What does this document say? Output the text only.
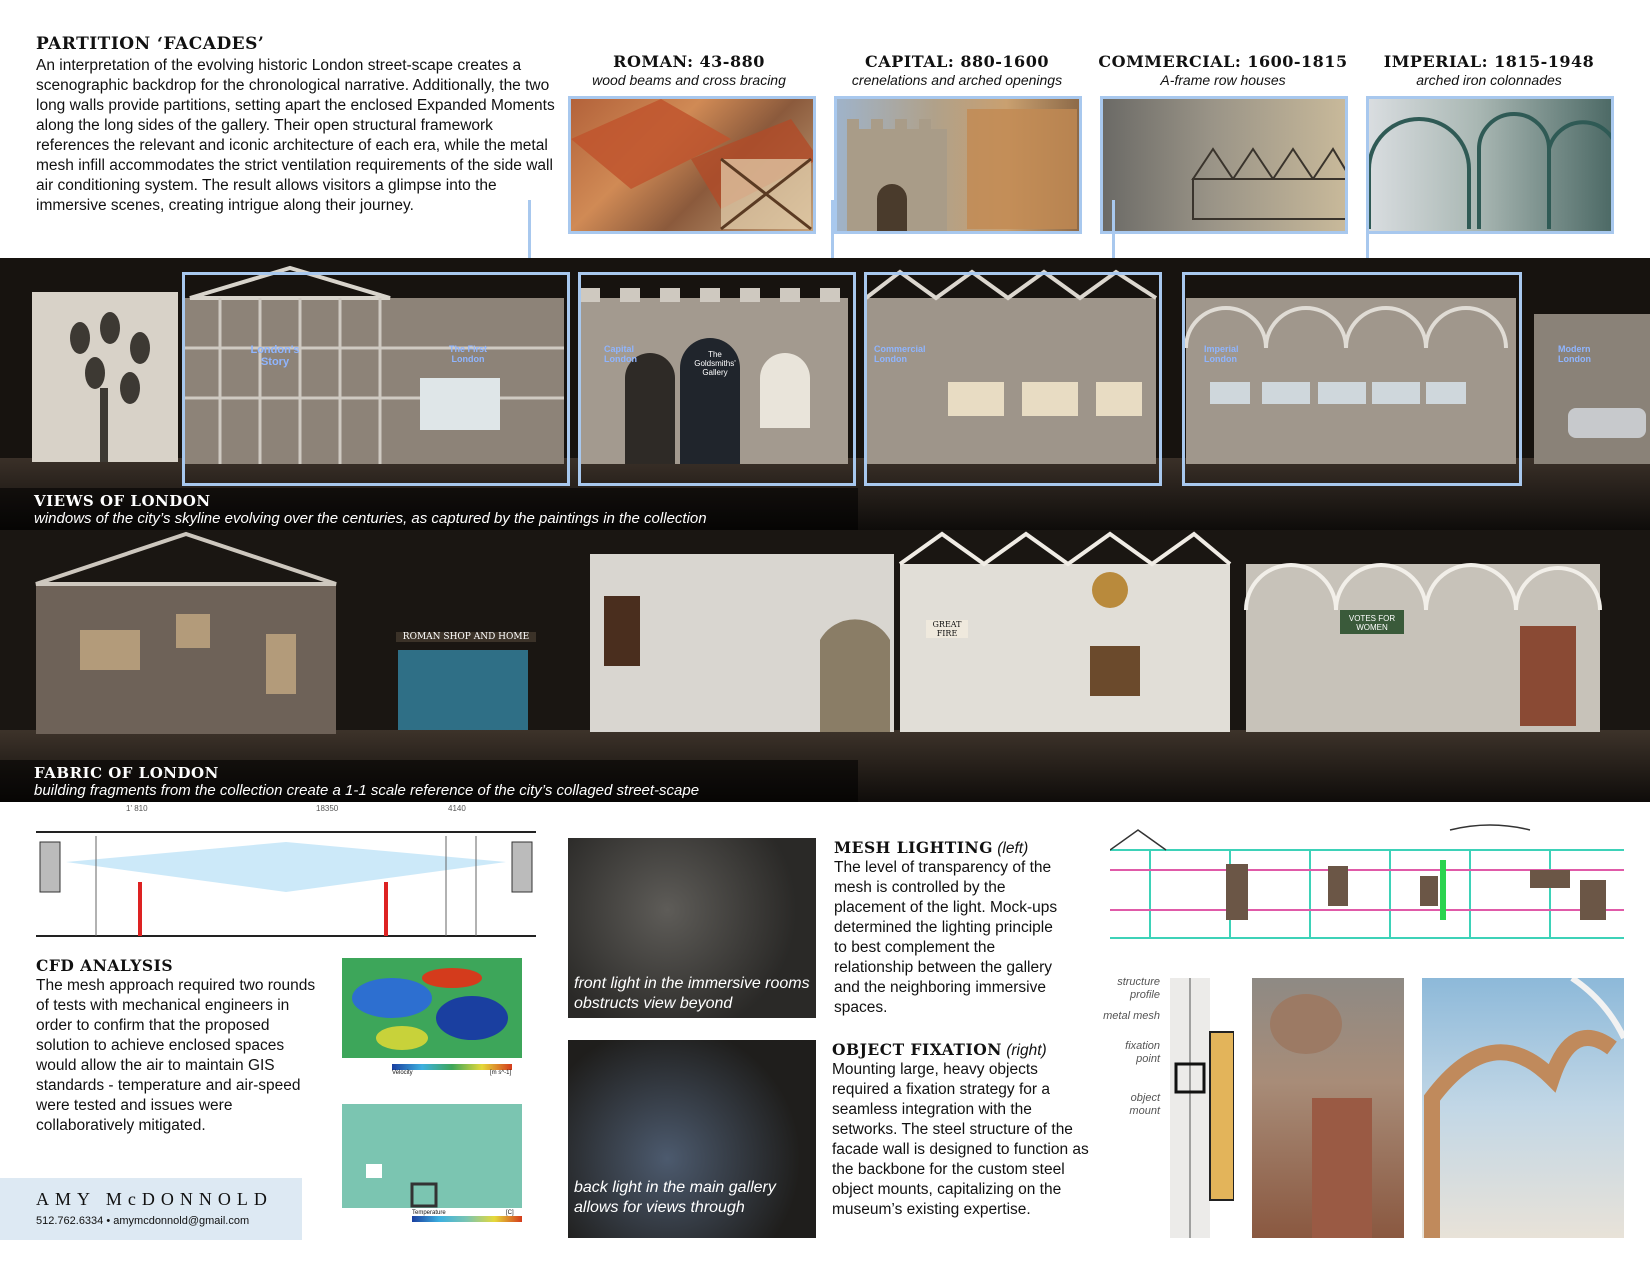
PARTITION ‘FACADES’
An interpretation of the evolving historic London street-scape creates a scenographic backdrop for the chronological narrative. Additionally, the two long walls provide partitions, setting apart the enclosed Expanded Moments along the long sides of the gallery. Their open structural framework references the relevant and iconic architecture of each era, while the metal mesh infill accommodates the strict ventilation requirements of the side wall air conditioning system. The result allows visitors a glimpse into the immersive scenes, creating intrigue along their journey.
ROMAN: 43-880
wood beams and cross bracing
CAPITAL: 880-1600
crenelations and arched openings
COMMERCIAL: 1600-1815
A-frame row houses
IMPERIAL: 1815-1948
arched iron colonnades
London's Story
The First London
Capital London	The Goldsmiths' Gallery
Commercial London
Imperial London
Modern London
VIEWS OF LONDON
windows of the city’s skyline evolving over the centuries, as captured by the paintings in the collection
ROMAN SHOP AND HOME
GREAT FIRE
VOTES FOR WOMEN
FABRIC OF LONDON
building fragments from the collection create a 1-1 scale reference of the city’s collaged street-scape
1' 810	18350	4140
CFD ANALYSIS
The mesh approach required two rounds of tests with mechanical engineers in order to confirm that the proposed solution to achieve enclosed spaces would allow the air to maintain GIS standards - temperature and air-speed were tested and issues were collaboratively mitigated.
Velocity	[m s^-1]
Temperature	[C]
AMY McDONNOLD
512.762.6334 • amymcdonnold@gmail.com
front light in the immersive rooms obstructs view beyond
back light in the main gallery allows for views through
MESH LIGHTING (left)
The level of transparency of the mesh is controlled by the placement of the light. Mock-ups determined the lighting principle to best complement the relationship between the gallery and the neighboring immersive spaces.
OBJECT FIXATION (right)
Mounting large, heavy objects required a fixation strategy for a seamless integration with the setworks. The steel structure of the facade wall is designed to function as the backbone for the custom steel object mounts, capitalizing on the museum’s existing expertise.
structure profile
metal mesh
fixation point
object mount
